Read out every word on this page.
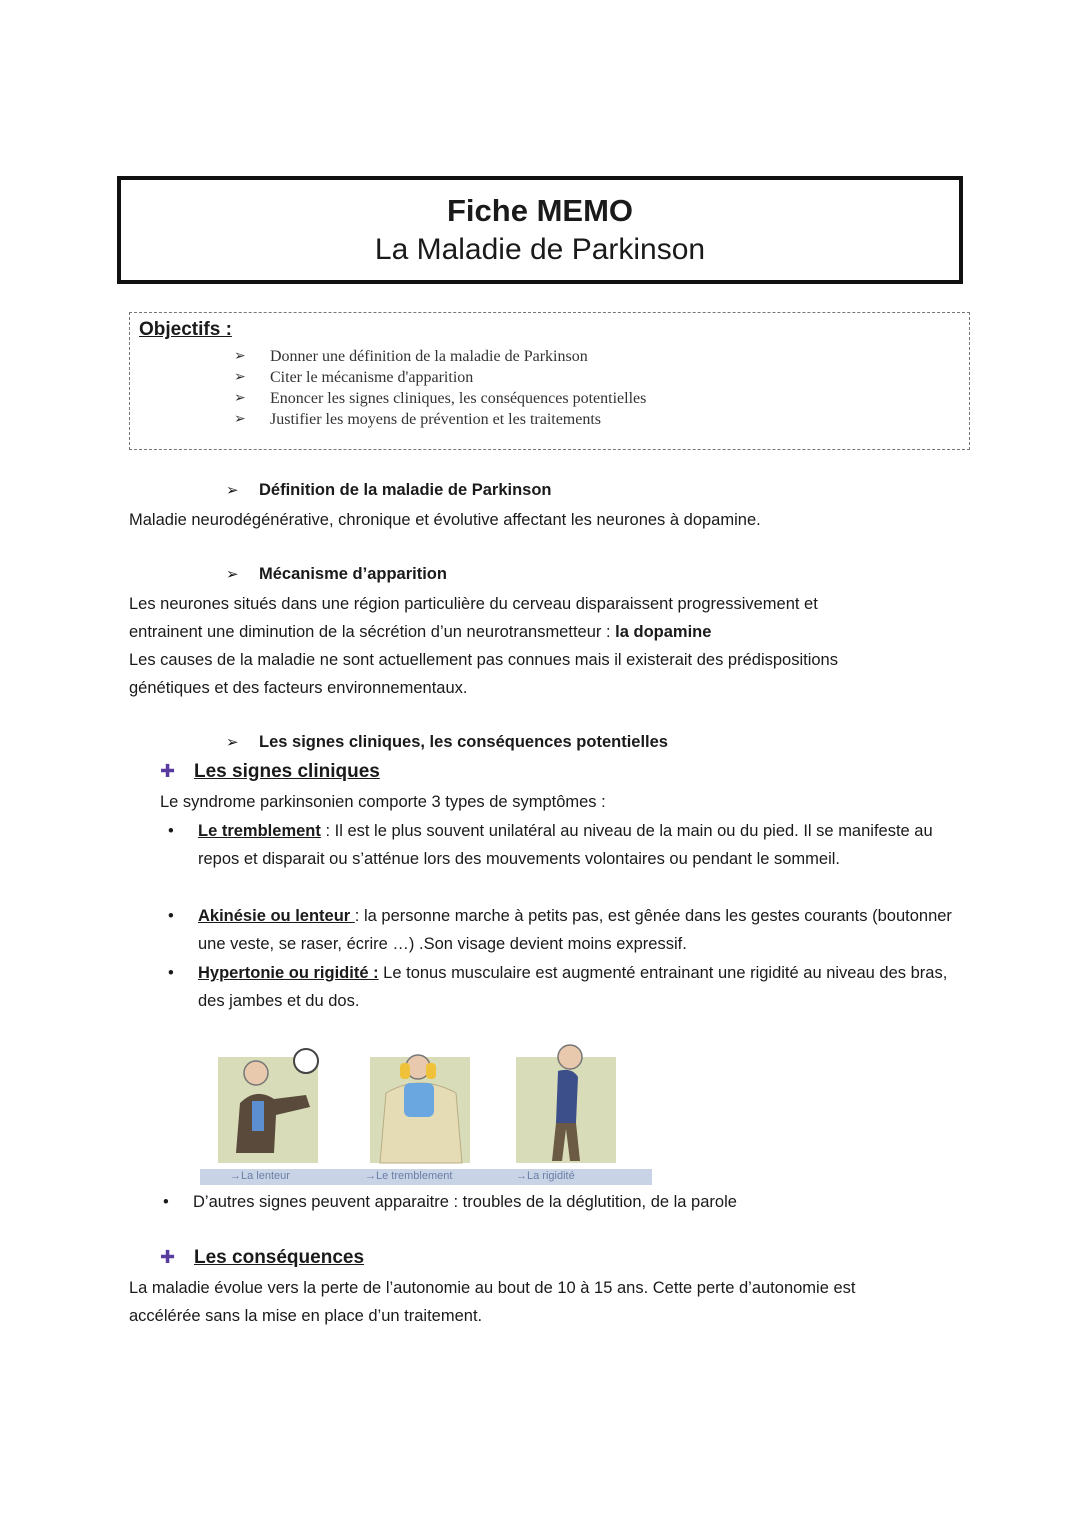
Fiche MEMO
La Maladie de Parkinson
Objectifs :
➢ Donner une définition de la maladie de Parkinson
➢ Citer le mécanisme d'apparition
➢ Enoncer les signes cliniques, les conséquences potentielles
➢ Justifier les moyens de prévention et les traitements
➢ Définition de la maladie de Parkinson
Maladie neurodégénérative, chronique et évolutive affectant les neurones à dopamine.
➢ Mécanisme d’apparition
Les neurones situés dans une région particulière du cerveau disparaissent progressivement et
entrainent une diminution de la sécrétion d’un neurotransmetteur : la dopamine
Les causes de la maladie ne sont actuellement pas connues mais il existerait des prédispositions
génétiques et des facteurs environnementaux.
➢ Les signes cliniques, les conséquences potentielles
✚ Les signes cliniques
Le syndrome parkinsonien comporte 3 types de symptômes :
• Le tremblement : Il est le plus souvent unilatéral au niveau de la main ou du pied. Il se manifeste au repos et disparait ou s’atténue lors des mouvements volontaires ou pendant le sommeil.
• Akinésie ou lenteur : la personne marche à petits pas, est gênée dans les gestes courants (boutonner une veste, se raser, écrire …) .Son visage devient moins expressif.
• Hypertonie ou rigidité : Le tonus musculaire est augmenté entrainant une rigidité au niveau des bras, des jambes et du dos.
→La lenteur	→Le tremblement	→La rigidité
• D’autres signes peuvent apparaitre : troubles de la déglutition, de la parole
✚ Les conséquences
La maladie évolue vers la perte de l’autonomie au bout de 10 à 15 ans. Cette perte d’autonomie est
accélérée sans la mise en place d’un traitement.
